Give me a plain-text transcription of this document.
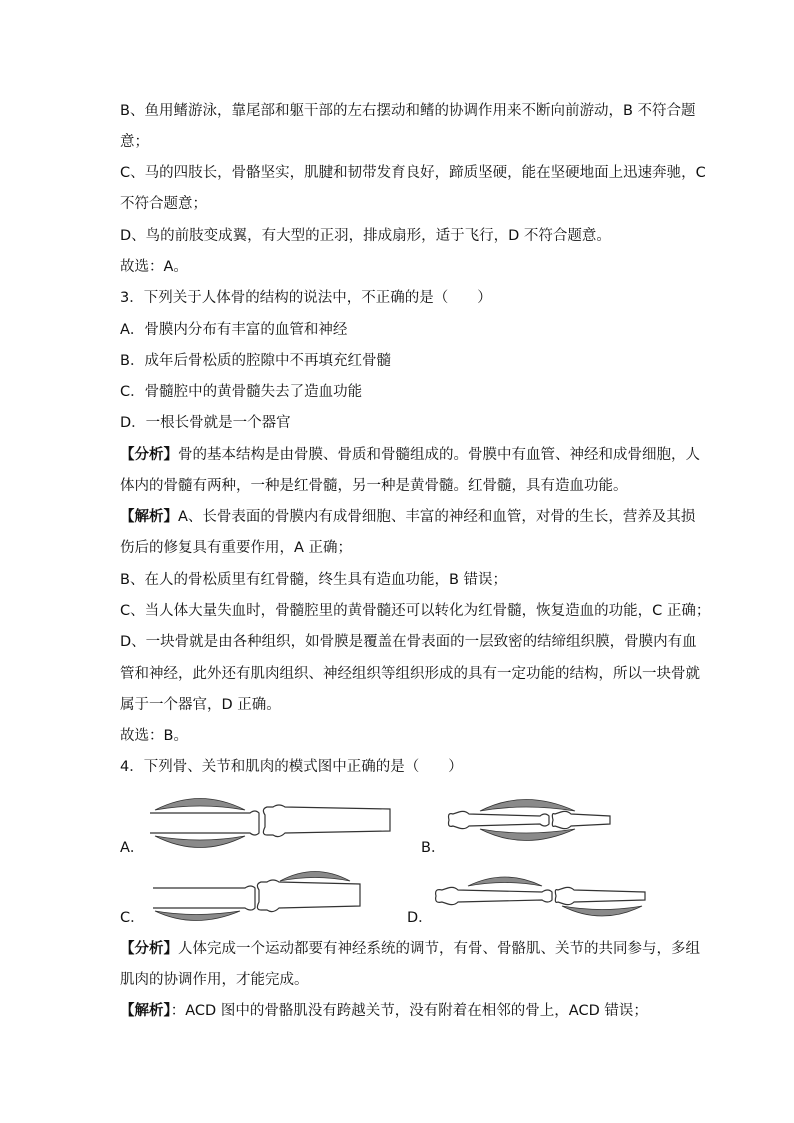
B、鱼用鳍游泳，靠尾部和躯干部的左右摆动和鳍的协调作用来不断向前游动，B 不符合题
意；
C、马的四肢长，骨骼坚实，肌腱和韧带发育良好，蹄质坚硬，能在坚硬地面上迅速奔驰，C
不符合题意；
D、鸟的前肢变成翼，有大型的正羽，排成扇形，适于飞行，D 不符合题意。
故选：A。
3．下列关于人体骨的结构的说法中，不正确的是（　　）
A．骨膜内分布有丰富的血管和神经
B．成年后骨松质的腔隙中不再填充红骨髓
C．骨髓腔中的黄骨髓失去了造血功能
D．一根长骨就是一个器官
【分析】骨的基本结构是由骨膜、骨质和骨髓组成的。骨膜中有血管、神经和成骨细胞，人
体内的骨髓有两种，一种是红骨髓，另一种是黄骨髓。红骨髓，具有造血功能。
【解析】A、长骨表面的骨膜内有成骨细胞、丰富的神经和血管，对骨的生长，营养及其损
伤后的修复具有重要作用，A 正确；
B、在人的骨松质里有红骨髓，终生具有造血功能，B 错误；
C、当人体大量失血时，骨髓腔里的黄骨髓还可以转化为红骨髓，恢复造血的功能，C 正确；
D、一块骨就是由各种组织，如骨膜是覆盖在骨表面的一层致密的结缔组织膜，骨膜内有血
管和神经，此外还有肌肉组织、神经组织等组织形成的具有一定功能的结构，所以一块骨就
属于一个器官，D 正确。
故选：B。
4．下列骨、关节和肌肉的模式图中正确的是（　　）
A．	B．
C．	D．
【分析】人体完成一个运动都要有神经系统的调节，有骨、骨骼肌、关节的共同参与，多组
肌肉的协调作用，才能完成。
【解析】：ACD 图中的骨骼肌没有跨越关节，没有附着在相邻的骨上，ACD 错误；
